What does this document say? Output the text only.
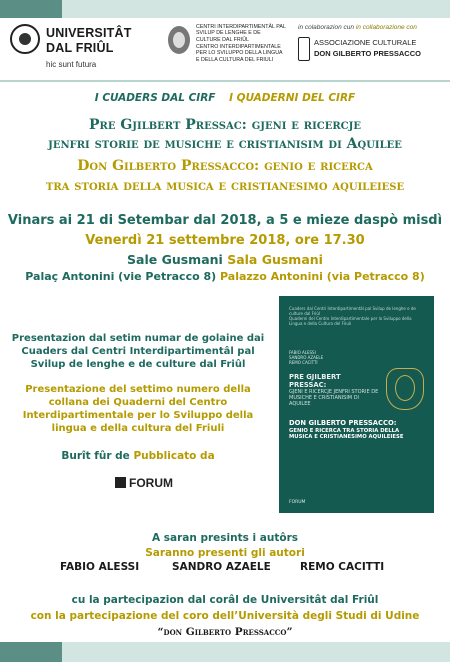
UNIVERSITÂT
DAL FRIÛL
hic sunt futura
CENTRI INTERDIPARTIMENTÂL PAL SVILUP DE LENGHE E DE CULTURE DAL FRIÛL
CENTRO INTERDIPARTIMENTALE PER LO SVILUPPO DELLA LINGUA E DELLA CULTURA DEL FRIULI
in colaborazion cun in collaborazione con
ASSOCIAZIONE CULTURALE
DON GILBERTO PRESSACCO
I CUADERS DAL CIRF I QUADERNI DEL CIRF
Pre Gjilbert Pressac: gjeni e ricercje
jenfri storie de musiche e cristianisim di Aquilee
Don Gilberto Pressacco: genio e ricerca
tra storia della musica e cristianesimo aquileiese
Vinars ai 21 di Setembar dal 2018, a 5 e mieze daspò misdì
Venerdì 21 settembre 2018, ore 17.30
Sale Gusmani Sala Gusmani
Palaç Antonini (vie Petracco 8) Palazzo Antonini (via Petracco 8)
Presentazion dal setim numar de golaine dai Cuaders dal Centri Interdipartimentâl pal Svilup de lenghe e de culture dal Friûl
Presentazione del settimo numero della collana dei Quaderni del Centro Interdipartimentale per lo Sviluppo della lingua e della cultura del Friuli
Burît fûr de Pubblicato da
FORUM
Cuaders dal Centri Interdipartimentâl pal Svilup de lenghe e de culture dal Friûl
Quaderni del Centro Interdipartimentale per lo Sviluppo della Lingua e della Cultura del Friuli
FABIO ALESSI
SANDRO AZAELE
REMO CACITTI
PRE GJILBERT PRESSAC:
GJENI E RICERCJE JENFRI STORIE DE MUSICHE E CRISTIANISIM DI AQUILEE
DON GILBERTO PRESSACCO:
GENIO E RICERCA TRA STORIA DELLA MUSICA E CRISTIANESIMO AQUILEIESE
FORUM
A saran presints i autôrs
Saranno presenti gli autori
FABIO ALESSI	SANDRO AZAELE	REMO CACITTI
cu la partecipazion dal corâl de Universitât dal Friûl
con la partecipazione del coro dell’Università degli Studi di Udine
“don Gilberto Pressacco”
